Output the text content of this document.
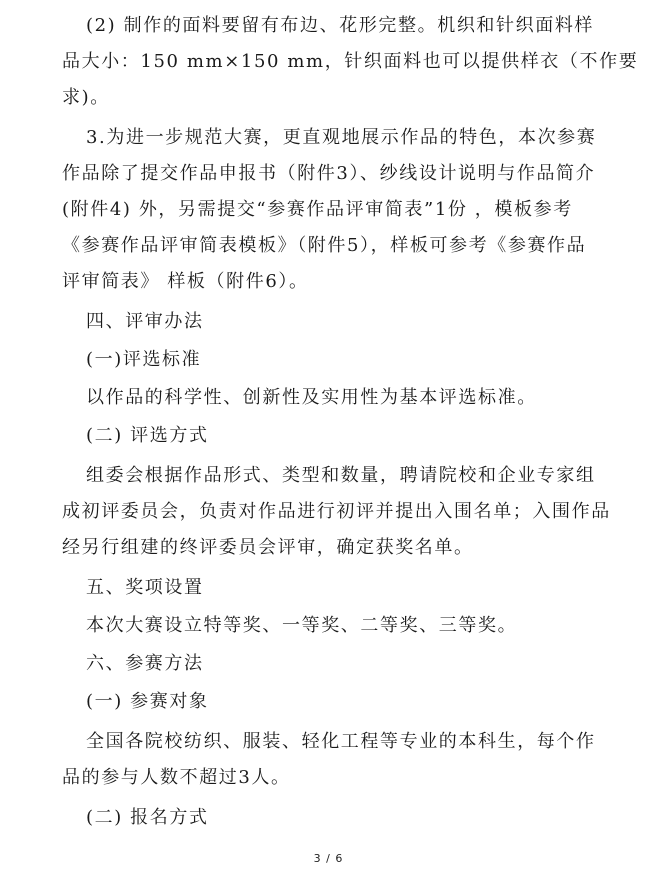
(2) 制作的面料要留有布边、花形完整。机织和针织面料样
品大小：150 mm×150 mm，针织面料也可以提供样衣（不作要
求)。
3.为进一步规范大赛，更直观地展示作品的特色，本次参赛
作品除了提交作品申报书（附件3）、纱线设计说明与作品简介
(附件4) 外，另需提交“参赛作品评审简表”1份 ，模板参考
《参赛作品评审简表模板》（附件5），样板可参考《参赛作品
评审简表》 样板（附件6）。
四、评审办法
(一)评选标准
以作品的科学性、创新性及实用性为基本评选标准。
(二) 评选方式
组委会根据作品形式、类型和数量，聘请院校和企业专家组
成初评委员会，负责对作品进行初评并提出入围名单；入围作品
经另行组建的终评委员会评审，确定获奖名单。
五、奖项设置
本次大赛设立特等奖、一等奖、二等奖、三等奖。
六、参赛方法
(一) 参赛对象
全国各院校纺织、服装、轻化工程等专业的本科生，每个作
品的参与人数不超过3人。
(二) 报名方式
3 / 6
